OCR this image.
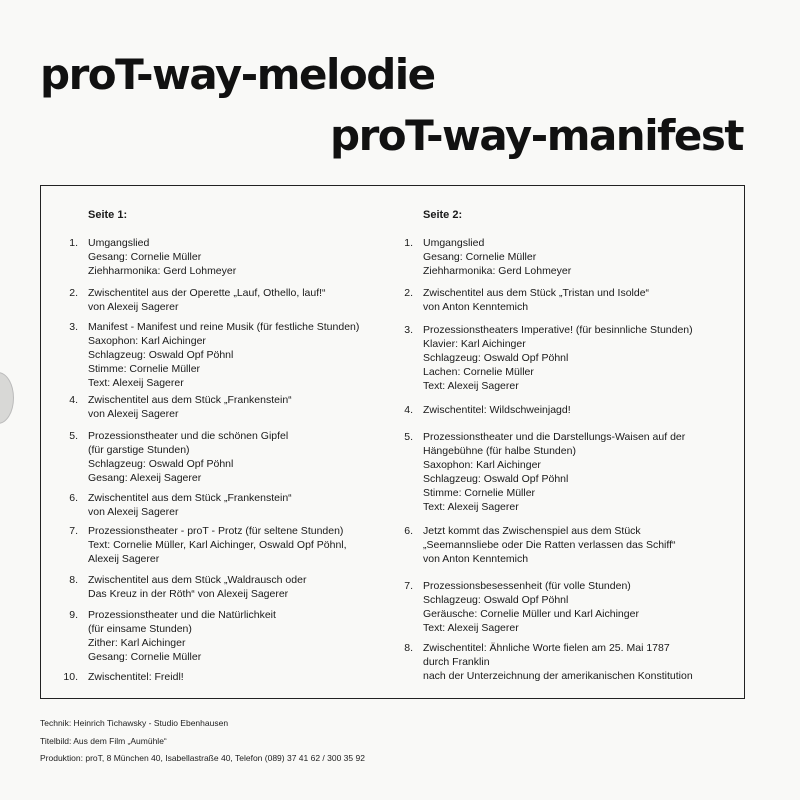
proT-way-melodie
proT-way-manifest

Seite 1:

1. Umgangslied
Gesang: Cornelie Müller
Ziehharmonika: Gerd Lohmeyer
2. Zwischentitel aus der Operette „Lauf, Othello, lauf!“
von Alexeij Sagerer
3. Manifest - Manifest und reine Musik (für festliche Stunden)
Saxophon: Karl Aichinger
Schlagzeug: Oswald Opf Pöhnl
Stimme: Cornelie Müller
Text: Alexeij Sagerer
4. Zwischentitel aus dem Stück „Frankenstein“
von Alexeij Sagerer
5. Prozessionstheater und die schönen Gipfel
(für garstige Stunden)
Schlagzeug: Oswald Opf Pöhnl
Gesang: Alexeij Sagerer
6. Zwischentitel aus dem Stück „Frankenstein“
von Alexeij Sagerer
7. Prozessionstheater - proT - Protz (für seltene Stunden)
Text: Cornelie Müller, Karl Aichinger, Oswald Opf Pöhnl,
Alexeij Sagerer
8. Zwischentitel aus dem Stück „Waldrausch oder
Das Kreuz in der Röth“ von Alexeij Sagerer
9. Prozessionstheater und die Natürlichkeit
(für einsame Stunden)
Zither: Karl Aichinger
Gesang: Cornelie Müller
10. Zwischentitel: Freidl!

Seite 2:

1. Umgangslied
Gesang: Cornelie Müller
Ziehharmonika: Gerd Lohmeyer
2. Zwischentitel aus dem Stück „Tristan und Isolde“
von Anton Kenntemich
3. Prozessionstheaters Imperative! (für besinnliche Stunden)
Klavier: Karl Aichinger
Schlagzeug: Oswald Opf Pöhnl
Lachen: Cornelie Müller
Text: Alexeij Sagerer
4. Zwischentitel: Wildschweinjagd!
5. Prozessionstheater und die Darstellungs-Waisen auf der
Hängebühne (für halbe Stunden)
Saxophon: Karl Aichinger
Schlagzeug: Oswald Opf Pöhnl
Stimme: Cornelie Müller
Text: Alexeij Sagerer
6. Jetzt kommt das Zwischenspiel aus dem Stück
„Seemannsliebe oder Die Ratten verlassen das Schiff“
von Anton Kenntemich
7. Prozessionsbesessenheit (für volle Stunden)
Schlagzeug: Oswald Opf Pöhnl
Geräusche: Cornelie Müller und Karl Aichinger
Text: Alexeij Sagerer
8. Zwischentitel: Ähnliche Worte fielen am 25. Mai 1787
durch Franklin
nach der Unterzeichnung der amerikanischen Konstitution
Technik: Heinrich Tichawsky - Studio Ebenhausen
Titelbild: Aus dem Film „Aumühle“
Produktion: proT, 8 München 40, Isabellastraße 40, Telefon (089) 37 41 62 / 300 35 92
